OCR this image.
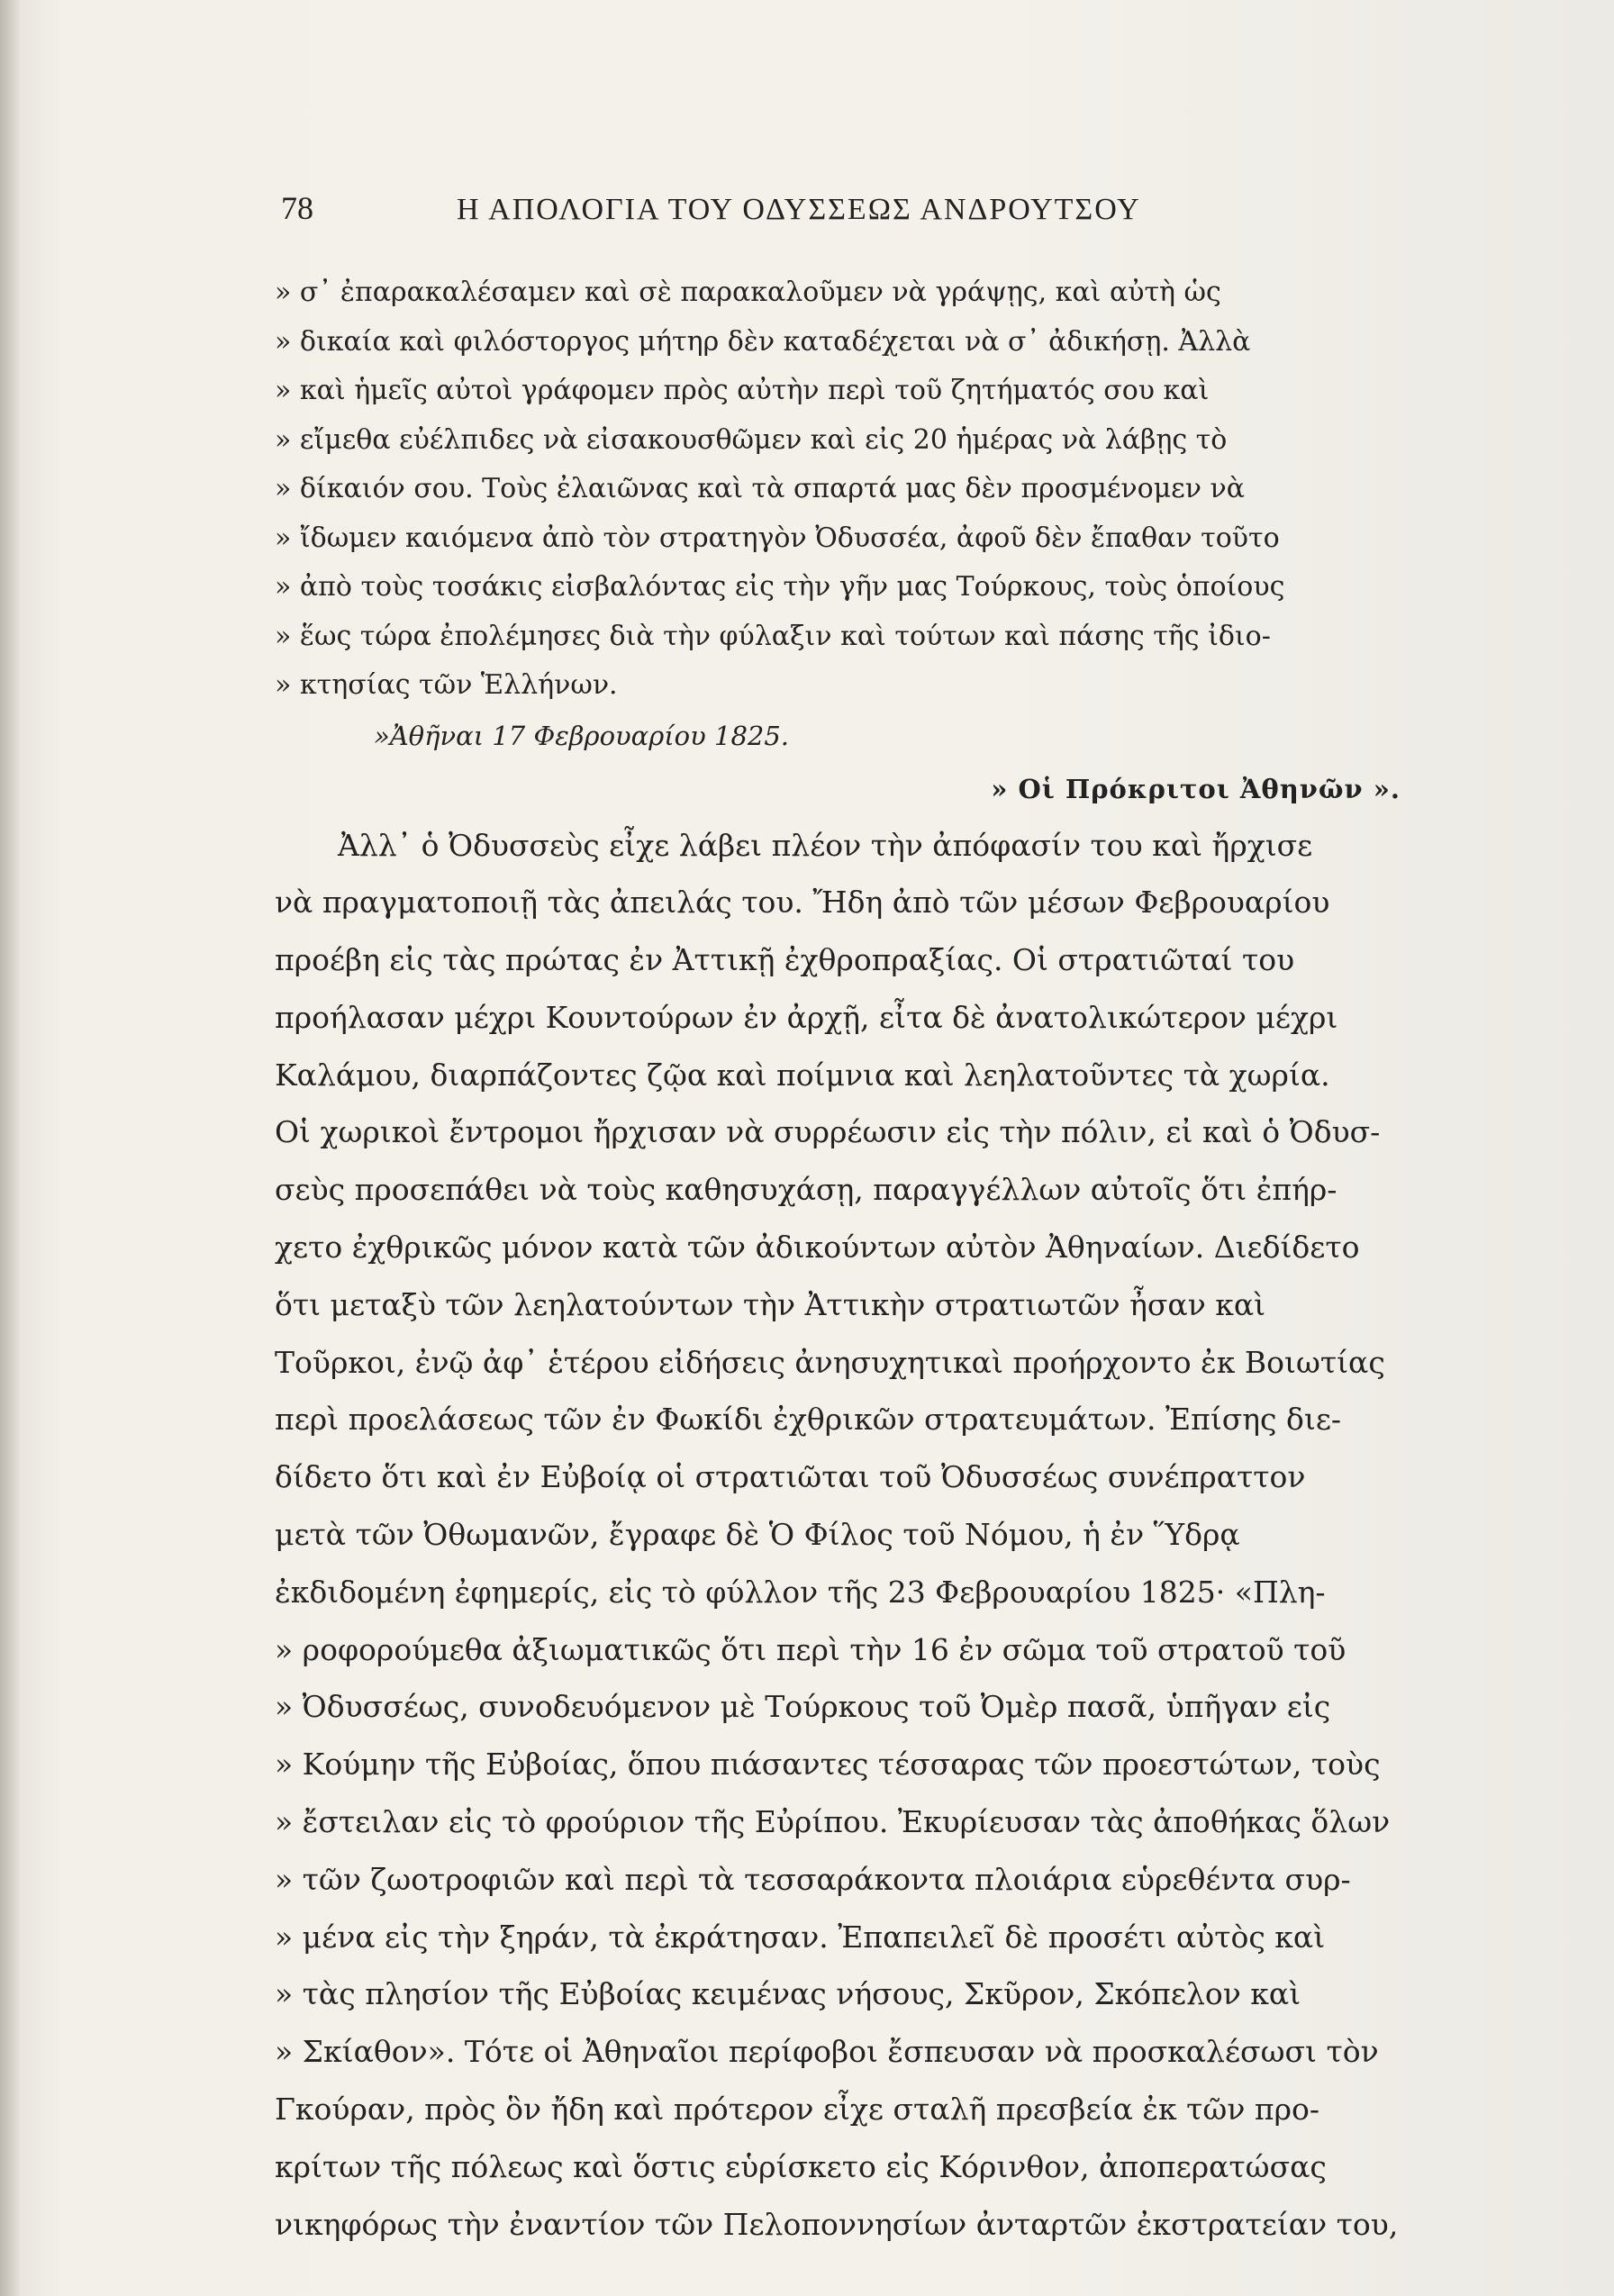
78	Η ΑΠΟΛΟΓΙΑ ΤΟΥ ΟΔΥΣΣΕΩΣ ΑΝΔΡΟΥΤΣΟΥ
» σ᾽ ἐπαρακαλέσαμεν καὶ σὲ παρακαλοῦμεν νὰ γράψῃς, καὶ αὐτὴ ὡς
» δικαία καὶ φιλόστοργος μήτηρ δὲν καταδέχεται νὰ σ᾽ ἀδικήσῃ. Ἀλλὰ
» καὶ ἡμεῖς αὐτοὶ γράφομεν πρὸς αὐτὴν περὶ τοῦ ζητήματός σου καὶ
» εἴμεθα εὐέλπιδες νὰ εἰσακουσθῶμεν καὶ εἰς 20 ἡμέρας νὰ λάβῃς τὸ
» δίκαιόν σου. Τοὺς ἐλαιῶνας καὶ τὰ σπαρτά μας δὲν προσμένομεν νὰ
» ἴδωμεν καιόμενα ἀπὸ τὸν στρατηγὸν Ὀδυσσέα, ἀφοῦ δὲν ἔπαθαν τοῦτο
» ἀπὸ τοὺς τοσάκις εἰσβαλόντας εἰς τὴν γῆν μας Τούρκους, τοὺς ὁποίους
» ἕως τώρα ἐπολέμησες διὰ τὴν φύλαξιν καὶ τούτων καὶ πάσης τῆς ἰδιο-
» κτησίας τῶν Ἑλλήνων.
»Ἀθῆναι 17 Φεβρουαρίου 1825.
» Οἱ Πρόκριτοι Ἀθηνῶν ».
Ἀλλ᾽ ὁ Ὀδυσσεὺς εἶχε λάβει πλέον τὴν ἀπόφασίν του καὶ ἤρχισε
νὰ πραγματοποιῇ τὰς ἀπειλάς του. Ἤδη ἀπὸ τῶν μέσων Φεβρουαρίου
προέβη εἰς τὰς πρώτας ἐν Ἀττικῇ ἐχθροπραξίας. Οἱ στρατιῶταί του
προήλασαν μέχρι Κουντούρων ἐν ἀρχῇ, εἶτα δὲ ἀνατολικώτερον μέχρι
Καλάμου, διαρπάζοντες ζῷα καὶ ποίμνια καὶ λεηλατοῦντες τὰ χωρία.
Οἱ χωρικοὶ ἔντρομοι ἤρχισαν νὰ συρρέωσιν εἰς τὴν πόλιν, εἰ καὶ ὁ Ὀδυσ-
σεὺς προσεπάθει νὰ τοὺς καθησυχάσῃ, παραγγέλλων αὐτοῖς ὅτι ἐπήρ-
χετο ἐχθρικῶς μόνον κατὰ τῶν ἀδικούντων αὐτὸν Ἀθηναίων. Διεδίδετο
ὅτι μεταξὺ τῶν λεηλατούντων τὴν Ἀττικὴν στρατιωτῶν ἦσαν καὶ
Τοῦρκοι, ἐνῷ ἀφ᾽ ἑτέρου εἰδήσεις ἀνησυχητικαὶ προήρχοντο ἐκ Βοιωτίας
περὶ προελάσεως τῶν ἐν Φωκίδι ἐχθρικῶν στρατευμάτων. Ἐπίσης διε-
δίδετο ὅτι καὶ ἐν Εὐβοίᾳ οἱ στρατιῶται τοῦ Ὀδυσσέως συνέπραττον
μετὰ τῶν Ὀθωμανῶν, ἔγραφε δὲ Ὁ Φίλος τοῦ Νόμου, ἡ ἐν Ὕδρᾳ
ἐκδιδομένη ἐφημερίς, εἰς τὸ φύλλον τῆς 23 Φεβρουαρίου 1825· «Πλη-
» ροφορούμεθα ἀξιωματικῶς ὅτι περὶ τὴν 16 ἐν σῶμα τοῦ στρατοῦ τοῦ
» Ὀδυσσέως, συνοδευόμενον μὲ Τούρκους τοῦ Ὀμὲρ πασᾶ, ὑπῆγαν εἰς
» Κούμην τῆς Εὐβοίας, ὅπου πιάσαντες τέσσαρας τῶν προεστώτων, τοὺς
» ἔστειλαν εἰς τὸ φρούριον τῆς Εὐρίπου. Ἐκυρίευσαν τὰς ἀποθήκας ὅλων
» τῶν ζωοτροφιῶν καὶ περὶ τὰ τεσσαράκοντα πλοιάρια εὑρεθέντα συρ-
» μένα εἰς τὴν ξηράν, τὰ ἐκράτησαν. Ἐπαπειλεῖ δὲ προσέτι αὐτὸς καὶ
» τὰς πλησίον τῆς Εὐβοίας κειμένας νήσους, Σκῦρον, Σκόπελον καὶ
» Σκίαθον». Τότε οἱ Ἀθηναῖοι περίφοβοι ἔσπευσαν νὰ προσκαλέσωσι τὸν
Γκούραν, πρὸς ὃν ἤδη καὶ πρότερον εἶχε σταλῆ πρεσβεία ἐκ τῶν προ-
κρίτων τῆς πόλεως καὶ ὅστις εὑρίσκετο εἰς Κόρινθον, ἀποπερατώσας
νικηφόρως τὴν ἐναντίον τῶν Πελοποννησίων ἀνταρτῶν ἐκστρατείαν του,
